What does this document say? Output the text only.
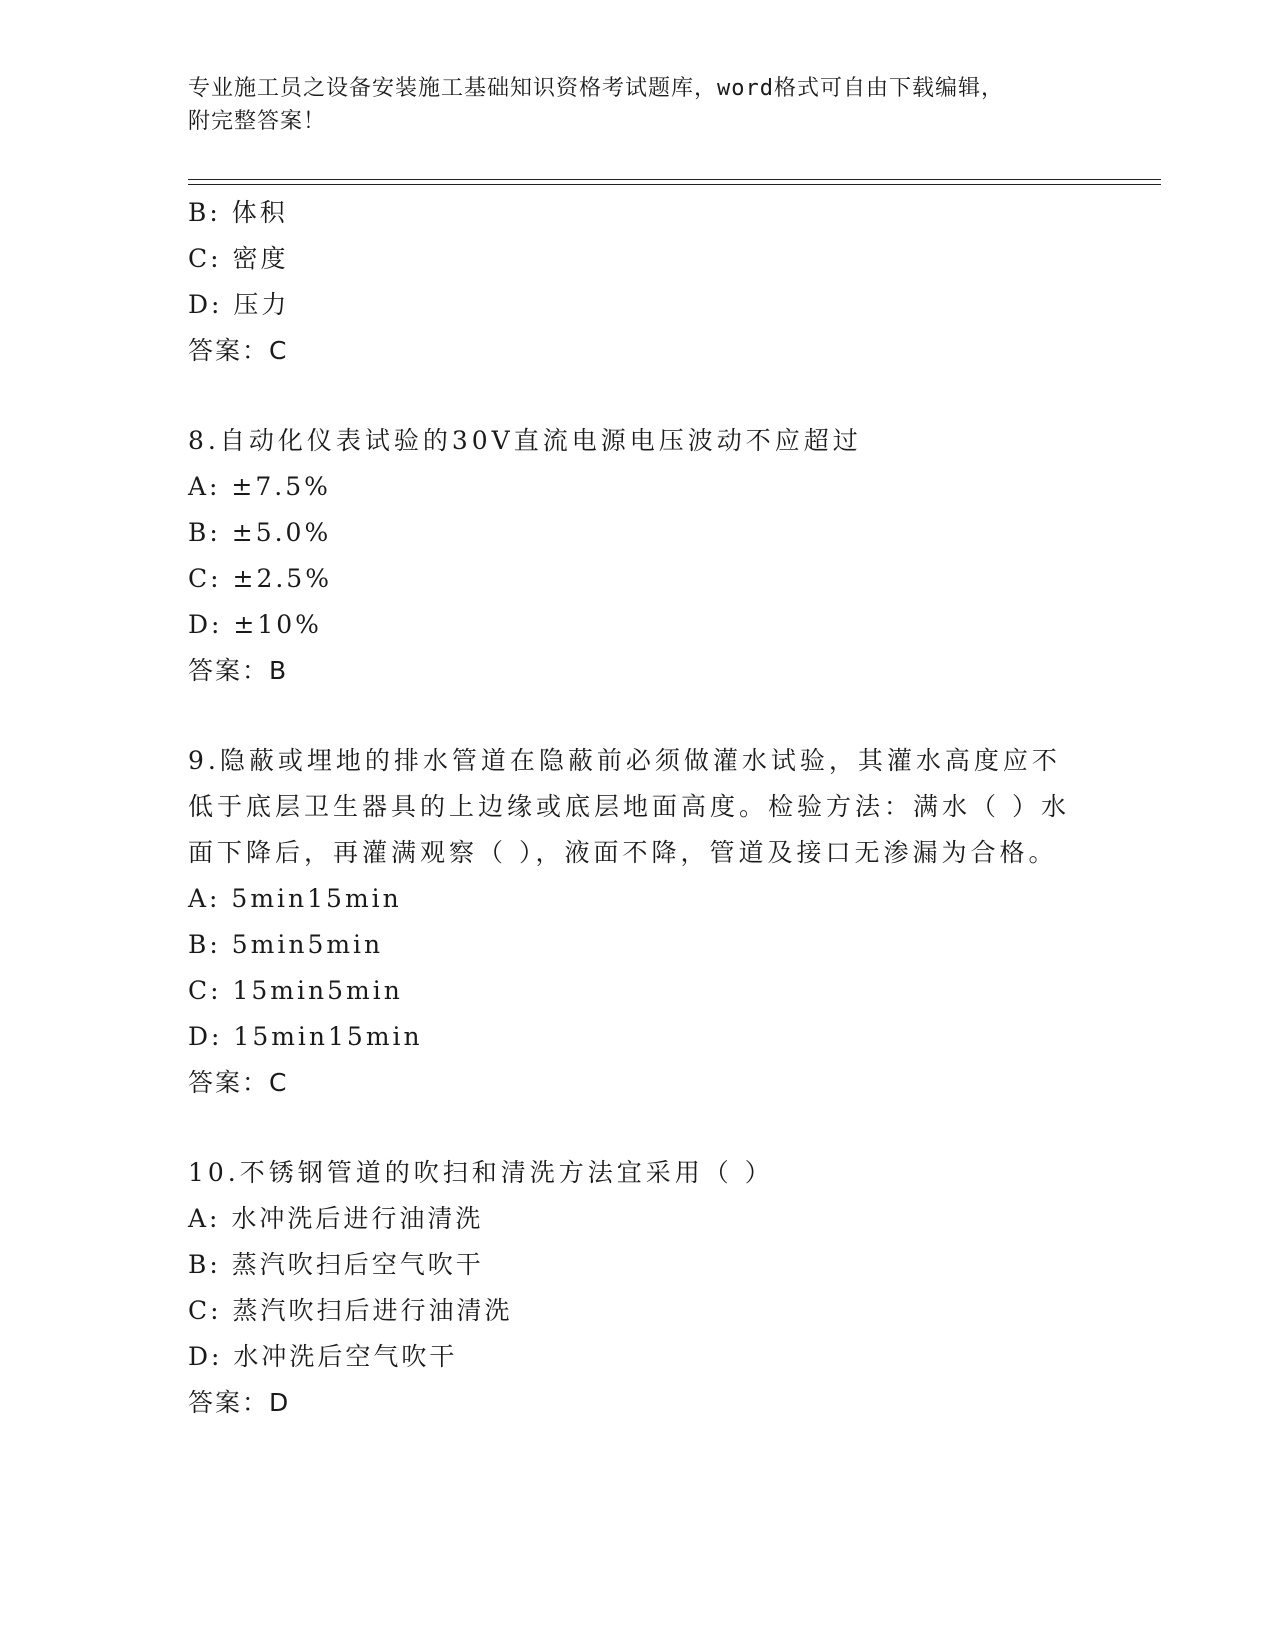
专业施工员之设备安装施工基础知识资格考试题库，word格式可自由下载编辑，
附完整答案！
B: 体积
C: 密度
D: 压力
答案：C
8.自动化仪表试验的30V直流电源电压波动不应超过
A: ±7.5%
B: ±5.0%
C: ±2.5%
D: ±10%
答案：B
9.隐蔽或埋地的排水管道在隐蔽前必须做灌水试验，其灌水高度应不
低于底层卫生器具的上边缘或底层地面高度。检验方法：满水（ ）水
面下降后，再灌满观察（ ），液面不降，管道及接口无渗漏为合格。
A: 5min15min
B: 5min5min
C: 15min5min
D: 15min15min
答案：C
10.不锈钢管道的吹扫和清洗方法宜采用（ ）
A: 水冲洗后进行油清洗
B: 蒸汽吹扫后空气吹干
C: 蒸汽吹扫后进行油清洗
D: 水冲洗后空气吹干
答案：D
